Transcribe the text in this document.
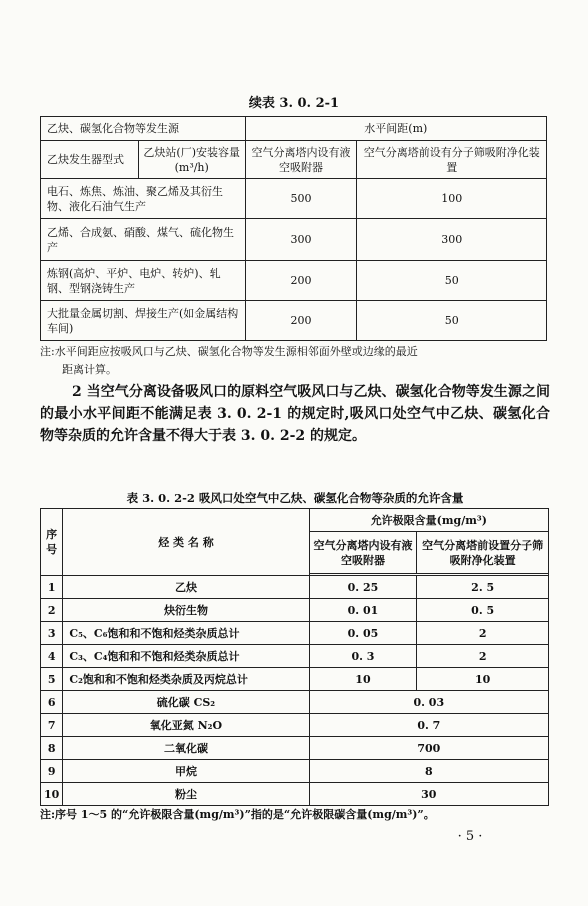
续表 3. 0. 2-1
乙炔、碳氢化合物等发生源		水平间距(m)	
乙炔发生器型式	乙炔站(厂)安装容量(m³/h)	空气分离塔内设有液空吸附器	空气分离塔前设有分子筛吸附净化装置
电石、炼焦、炼油、聚乙烯及其衍生物、液化石油气生产		500	100
乙烯、合成氨、硝酸、煤气、硫化物生产		300	300
炼钢(高炉、平炉、电炉、转炉)、轧钢、型钢浇铸生产		200	50
大批量金属切割、焊接生产(如金属结构车间)		200	50
注:水平间距应按吸风口与乙炔、碳氢化合物等发生源相邻面外壁或边缘的最近
距离计算。
2 当空气分离设备吸风口的原料空气吸风口与乙炔、碳氢化合物等发生源之间的最小水平间距不能满足表 3. 0. 2-1 的规定时,吸风口处空气中乙炔、碳氢化合物等杂质的允许含量不得大于表 3. 0. 2-2 的规定。
表 3. 0. 2-2 吸风口处空气中乙炔、碳氢化合物等杂质的允许含量
序号	烃 类 名 称	允许极限含量(mg/m³)	
		空气分离塔内设有液空吸附器	空气分离塔前设置分子筛吸附净化装置

1	乙炔	0. 25	2. 5
2	炔衍生物	0. 01	0. 5
3	C₅、C₆饱和和不饱和烃类杂质总计	0. 05	2
4	C₃、C₄饱和和不饱和烃类杂质总计	0. 3	2
5	C₂饱和和不饱和烃类杂质及丙烷总计	10	10
6	硫化碳 CS₂	0. 03	
7	氧化亚氮 N₂O	0. 7	
8	二氧化碳	700	
9	甲烷	8	
10	粉尘	30	
注:序号 1～5 的“允许极限含量(mg/m³)”指的是“允许极限碳含量(mg/m³)”。
· 5 ·
